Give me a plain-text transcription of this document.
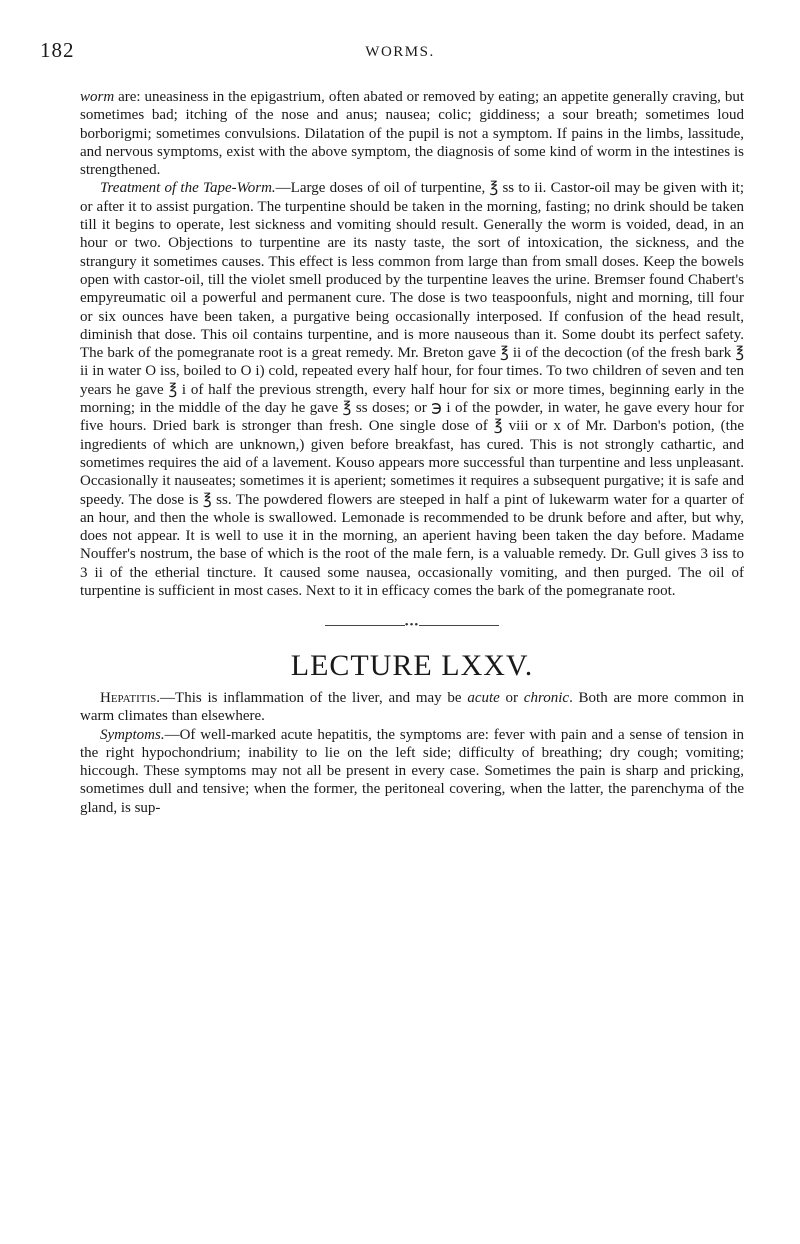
182	WORMS.

worm are: uneasiness in the epigastrium, often abated or removed by eating; an appetite generally craving, but sometimes bad; itching of the nose and anus; nausea; colic; giddiness; a sour breath; sometimes loud borborigmi; sometimes convulsions. Dilatation of the pupil is not a symptom. If pains in the limbs, lassitude, and nervous symptoms, exist with the above symptom, the diagnosis of some kind of worm in the intestines is strengthened.

Treatment of the Tape-Worm.—Large doses of oil of turpentine, ℥ ss to ii. Castor-oil may be given with it; or after it to assist purgation. The turpentine should be taken in the morning, fasting; no drink should be taken till it begins to operate, lest sickness and vomiting should result. Generally the worm is voided, dead, in an hour or two. Objections to turpentine are its nasty taste, the sort of intoxication, the sickness, and the strangury it sometimes causes. This effect is less common from large than from small doses. Keep the bowels open with castor-oil, till the violet smell produced by the turpentine leaves the urine. Bremser found Chabert's empyreumatic oil a powerful and permanent cure. The dose is two teaspoonfuls, night and morning, till four or six ounces have been taken, a purgative being occasionally interposed. If confusion of the head result, diminish that dose. This oil contains turpentine, and is more nauseous than it. Some doubt its perfect safety. The bark of the pomegranate root is a great remedy. Mr. Breton gave ℥ ii of the decoction (of the fresh bark ℥ ii in water O iss, boiled to O i) cold, repeated every half hour, for four times. To two children of seven and ten years he gave ℥ i of half the previous strength, every half hour for six or more times, beginning early in the morning; in the middle of the day he gave ℥ ss doses; or ℈ i of the powder, in water, he gave every hour for five hours. Dried bark is stronger than fresh. One single dose of ℥ viii or x of Mr. Darbon's potion, (the ingredients of which are unknown,) given before breakfast, has cured. This is not strongly cathartic, and sometimes requires the aid of a lavement. Kouso appears more successful than turpentine and less unpleasant. Occasionally it nauseates; sometimes it is aperient; sometimes it requires a subsequent purgative; it is safe and speedy. The dose is ℥ ss. The powdered flowers are steeped in half a pint of lukewarm water for a quarter of an hour, and then the whole is swallowed. Lemonade is recommended to be drunk before and after, but why, does not appear. It is well to use it in the morning, an aperient having been taken the day before. Madame Nouffer's nostrum, the base of which is the root of the male fern, is a valuable remedy. Dr. Gull gives 3 iss to 3 ii of the etherial tincture. It caused some nausea, occasionally vomiting, and then purged. The oil of turpentine is sufficient in most cases. Next to it in efficacy comes the bark of the pomegranate root.

•••
LECTURE LXXV.

Hepatitis.—This is inflammation of the liver, and may be acute or chronic. Both are more common in warm climates than elsewhere.

Symptoms.—Of well-marked acute hepatitis, the symptoms are: fever with pain and a sense of tension in the right hypochondrium; inability to lie on the left side; difficulty of breathing; dry cough; vomiting; hiccough. These symptoms may not all be present in every case. Sometimes the pain is sharp and pricking, sometimes dull and tensive; when the former, the peritoneal covering, when the latter, the parenchyma of the gland, is sup-
